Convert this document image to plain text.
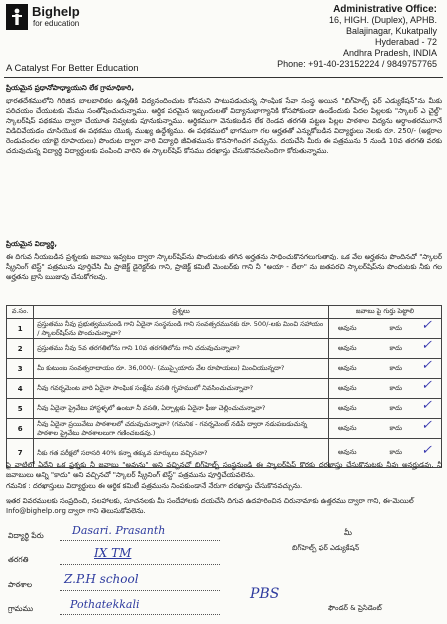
Bighelp
for education
A Catalyst For Better Education
Administrative Office:
16, HIGH. (Duplex), APHB.
Balajinagar, Kukatpally
Hyderabad - 72
Andhra Pradesh, INDIA
Phone: +91-40-23152224 / 9849757765
ప్రియమైన ప్రధానోపాధ్యాయుని లేక గ్రామాధికారి,
భారతదేశములోని గిరిజిన బాలబాలికల ఉన్నతికి విద్యనందించుట కోసమని పాటుపడుచున్న సాంఘిక సేవా సంస్థ అయిన "బిగ్‌హెల్ప్ ఫర్ ఎడ్యుకేషన్"ను మీకు పరిచయం చేయుటకు మేము సంతోషించుచున్నాము. ఆర్థిక పరమైన ఇబ్బందులతో విద్యానుభాగ్యానికి కోసపోకుండా ఉండేందుకు పేదల పిల్లలకు "స్కాలర్ ఎ చైల్డ్" స్కాలర్‌షిప్ పథకము ద్వారా చేయూత నివ్వటకు పూనుకున్నాము. ఆర్థికముగా వెనుకబడిన లేక రెండవ తరగతి పట్టణ పిల్లల పాఠశాల విద్యను అర్ధాంతరముగానే విడిచివేయడం చూసియొక ఈ పథకము యొక్క ముఖ్య ఉద్దేశ్యము. ఈ పథకములో భాగముగా గల ఆర్హతతో ఎన్నుకోబడిన విద్యార్థులు నెలకు రూ. 250/- (అక్షరాల రెండువందల యాభై రూపాయలు) పొందుట ద్వారా వారి విద్యాధి జీవితమును కొనసాగించగ వచ్చును. దయచేసి మీరు ఈ పత్రమును 5 నుండి 10వ తరగతి వరకు చదువుచున్న విద్యార్థి విద్యార్థులకు పంపించి వారిని ఈ స్కాలర్‌షిప్‌ కోసము దరఖాస్తు చేసుకొనవలసిందిగా కోరుతున్నాము.
ప్రియమైన విద్యార్థి,
ఈ దిగువ నీయబడిన ప్రశ్నలకు జవాబు ఇవ్వటం ద్వారా స్కాలర్‌షిప్‌ను పొందుటకు తగిన అర్హతను సాధించుకొనగలుగుతావు. ఒక వేల అర్హతను పొందినచో "స్కాలర్ స్క్రీనింగ్ టెస్ట్" పత్రమును పూర్తిచేసి మీ ప్రాజెక్ట్ డైరెక్టర్‌కు గాని, ప్రాజెక్ట్ కమిటీ మెంబర్‌కు గాని నీ "అయా - దేలా" ను జతపరచి స్కాలర్‌షిప్‌ను పొందుటకు నీకు గల అర్హతను బ్రాసి ఋజువు చేసుకోగలవు.
వ.సం.	ప్రశ్నలు	జవాబు పై గుర్తు పెట్టాలి
1	ప్రస్తుతము నీవు ప్రభుత్వమునుండి గాని ఏదైనా సంస్థనుండి గాని సంవత్సరమునకు రూ. 500/-లకు మించి సహాయం / స్కాలర్‌షిప్‌ను పొందుచున్నావా?	అవును కాదు ✓

2	ప్రస్తుతము నీవు 5వ తరగతిలోను గాని 10వ తరగతిలోను గాని చదువుచున్నావా?	అవును కాదు ✓

3	మీ కుటుంబ సంవత్సరాదాయం రూ. 36,000/- (ముప్పైయారు వేల రూపాయలు) మించియున్నదా?	అవును కాదు ✓

4	నీవు గవర్నమెంట వారి ఏదైనా సాంఘిక సంక్షేమ వసతి గృహములో నివసించుచున్నావా?	అవును కాదు ✓

5	నీవు ఏదైనా ప్రైవేటు హాస్టళ్ళలో ఉంటూ నీ వసతి, ఏర్పాట్లకు ఏదైనా ఫీజు చెల్లించుచున్నావా?	అవును కాదు ✓

6	నీవు ఏదైనా ప్రయివేటు పాఠశాలలో చదువుచున్నావా? (గమనిక - గవర్నమెంట్ నడిపే ద్వారా నడుపబడుచున్న పాఠశాల ప్రైవేటు పాఠశాలలుగా గణించబడవు.)	అవును కాదు ✓

7	నీకు గత పరీక్షలో సరాసరి 40% కన్నా తక్కువ మార్కులు వచ్చినవా?	అవును కాదు ✓
పై వాటిలో ఏదేని ఒక ప్రశ్నకు నీ జవాబు "అవును" అని వచ్చినచో బిగ్‌హెల్ప్ సంస్థనుండి ఈ స్కాలర్‌షిప్‌ కొరకు దరఖాస్తు చేసుకొనుటకు నీవు అనర్హుడవు. నీ జవాబులు అన్ని "కాదు" అని వచ్చినచో "స్కాలర్ స్క్రీనింగ్ టెస్ట్" పత్రమును పూర్తిచేయవలెను.
గమనిక : దరఖాస్తులు విద్యార్థులు ఈ ఆర్థిక కమిటీ పత్రమును నింపకుండానే నేరుగా దరఖాస్తు చేసుకొనవచ్చును.
ఇతర వివరములకు సంప్రదించి, సలహాలకు, సూచనలకు మీ సందేహాలకు దయచేసి దిగువ ఉదహరించిన చిరునామాకు ఉత్తరము ద్వారా గాని, ఈ-మెయిల్
Info@bighelp.org ద్వారా గాని తెలుసుకోవలెను.
విద్యార్థి పేరు	Dasari. Prasanth	మీ
బిగ్‌హెల్ప్ ఫర్ ఎడ్యుకేషన్
తరగతి	IX TM
పాఠశాల	Z.P.H school
గ్రామము	Pothatekkali
PBS
ఫౌండర్ & ప్రెసిడెంట్
